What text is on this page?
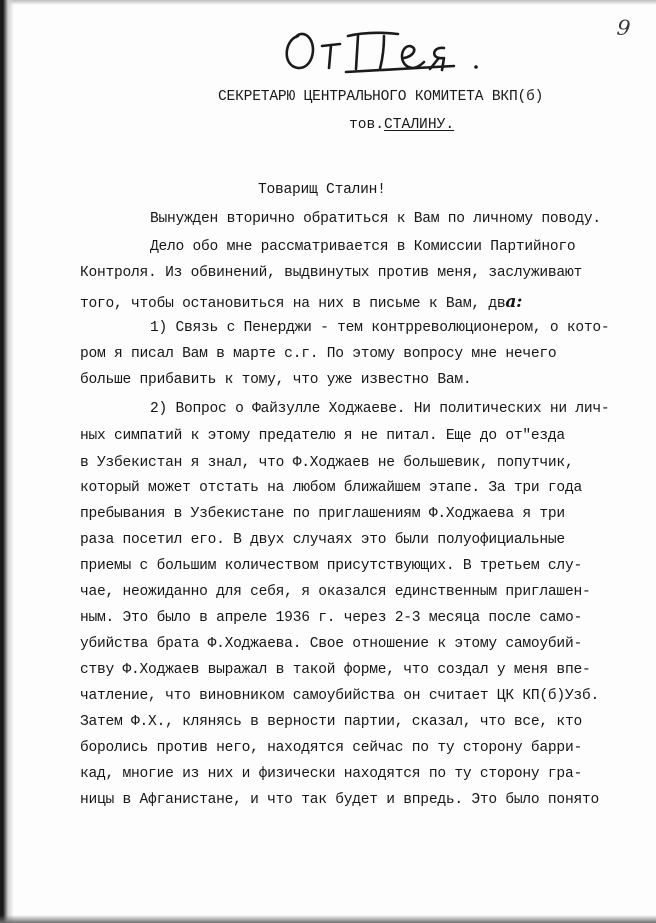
9
СЕКРЕТАРЮ ЦЕНТРАЛЬНОГО КОМИТЕТА ВКП(б)
тов.СТАЛИНУ.
Товарищ Сталин!
Вынужден вторично обратиться к Вам по личному поводу.
Дело обо мне рассматривается в Комиссии Партийного
Контроля. Из обвинений, выдвинутых против меня, заслуживают
того, чтобы остановиться на них в письме к Вам, два:
1) Связь с Пенерджи - тем контрреволюционером, о кото-
ром я писал Вам в марте с.г. По этому вопросу мне нечего
больше прибавить к тому, что уже известно Вам.
2) Вопрос о Файзулле Ходжаеве. Ни политических ни лич-
ных симпатий к этому предателю я не питал. Еще до от"езда
в Узбекистан я знал, что Ф.Ходжаев не большевик, попутчик,
который может отстать на любом ближайшем этапе. За три года
пребывания в Узбекистане по приглашениям Ф.Ходжаева я три
раза посетил его. В двух случаях это были полуофициальные
приемы с большим количеством присутствующих. В третьем слу-
чае, неожиданно для себя, я оказался единственным приглашен-
ным. Это было в апреле 1936 г. через 2-3 месяца после само-
убийства брата Ф.Ходжаева. Свое отношение к этому самоубий-
ству Ф.Ходжаев выражал в такой форме, что создал у меня впе-
чатление, что виновником самоубийства он считает ЦК КП(б)Узб.
Затем Ф.Х., клянясь в верности партии, сказал, что все, кто
боролись против него, находятся сейчас по ту сторону барри-
кад, многие из них и физически находятся по ту сторону гра-
ницы в Афганистане, и что так будет и впредь. Это было понято
